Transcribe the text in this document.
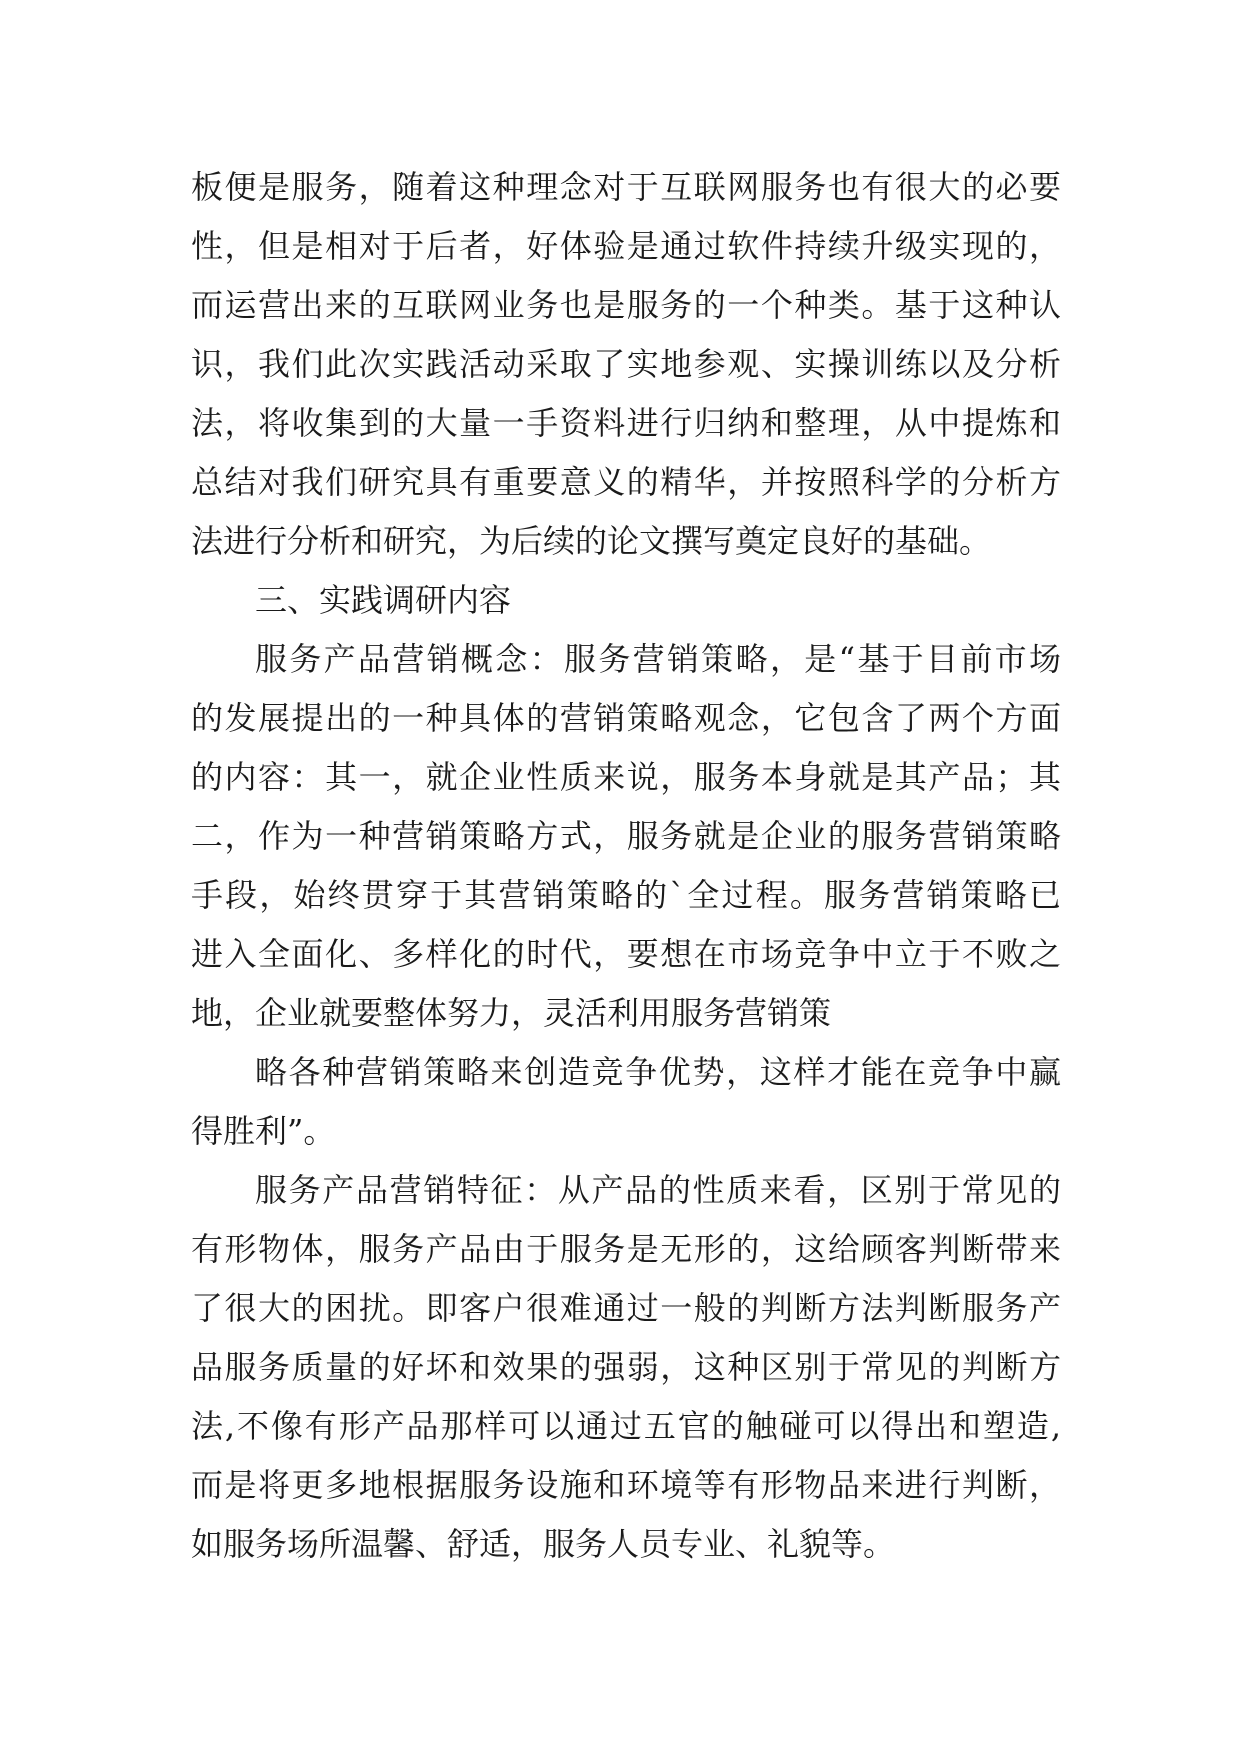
板便是服务，随着这种理念对于互联网服务也有很大的必要
性，但是相对于后者，好体验是通过软件持续升级实现的，
而运营出来的互联网业务也是服务的一个种类。基于这种认
识，我们此次实践活动采取了实地参观、实操训练以及分析
法，将收集到的大量一手资料进行归纳和整理，从中提炼和
总结对我们研究具有重要意义的精华，并按照科学的分析方
法进行分析和研究，为后续的论文撰写奠定良好的基础。
三、实践调研内容
服务产品营销概念：服务营销策略，是“基于目前市场
的发展提出的一种具体的营销策略观念，它包含了两个方面
的内容：其一，就企业性质来说，服务本身就是其产品；其
二，作为一种营销策略方式，服务就是企业的服务营销策略
手段，始终贯穿于其营销策略的`全过程。服务营销策略已
进入全面化、多样化的时代，要想在市场竞争中立于不败之
地，企业就要整体努力，灵活利用服务营销策
略各种营销策略来创造竞争优势，这样才能在竞争中赢
得胜利”。
服务产品营销特征：从产品的性质来看，区别于常见的
有形物体，服务产品由于服务是无形的，这给顾客判断带来
了很大的困扰。即客户很难通过一般的判断方法判断服务产
品服务质量的好坏和效果的强弱，这种区别于常见的判断方
法,不像有形产品那样可以通过五官的触碰可以得出和塑造,
而是将更多地根据服务设施和环境等有形物品来进行判断，
如服务场所温馨、舒适，服务人员专业、礼貌等。
